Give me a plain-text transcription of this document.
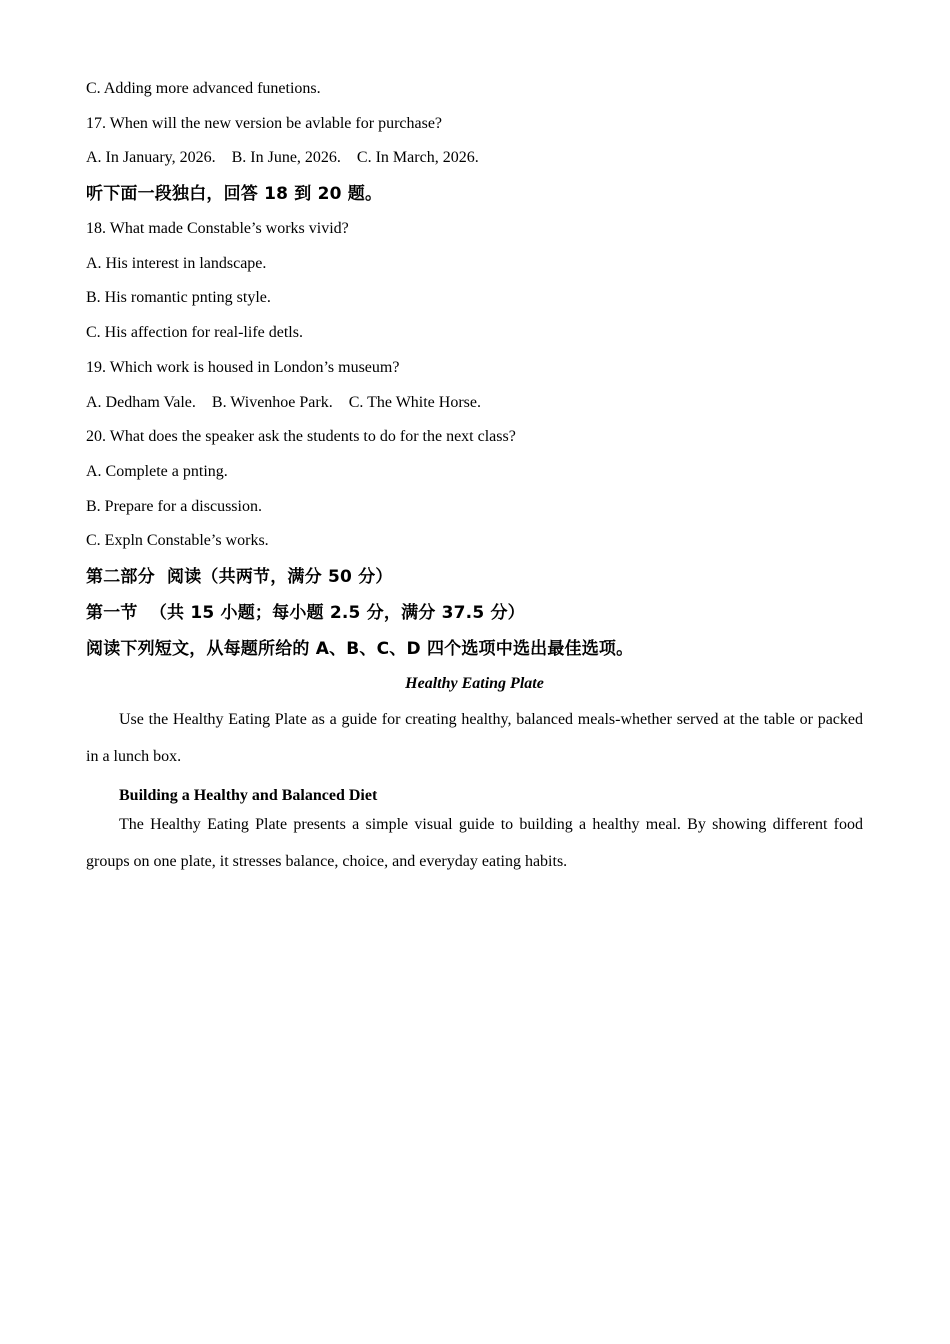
C. Adding more advanced funetions.
17. When will the new version be avlable for purchase?
A. In January, 2026.    B. In June, 2026.    C. In March, 2026.
听下面一段独白，回答 18 到 20 题。
18. What made Constable’s works vivid?
A. His interest in landscape.
B. His romantic pnting style.
C. His affection for real-life detls.
19. Which work is housed in London’s museum?
A. Dedham Vale.    B. Wivenhoe Park.    C. The White Horse.
20. What does the speaker ask the students to do for the next class?
A. Complete a pnting.
B. Prepare for a discussion.
C. Expln Constable’s works.
第二部分  阅读（共两节，满分 50 分）
第一节  （共 15 小题；每小题 2.5 分，满分 37.5 分）
阅读下列短文，从每题所给的 A、B、C、D 四个选项中选出最佳选项。
Healthy Eating Plate

Use the Healthy Eating Plate as a guide for creating healthy, balanced meals-whether served at the table or packed in a lunch box.

Building a Healthy and Balanced Diet

The Healthy Eating Plate presents a simple visual guide to building a healthy meal. By showing different food groups on one plate, it stresses balance, choice, and everyday eating habits.
